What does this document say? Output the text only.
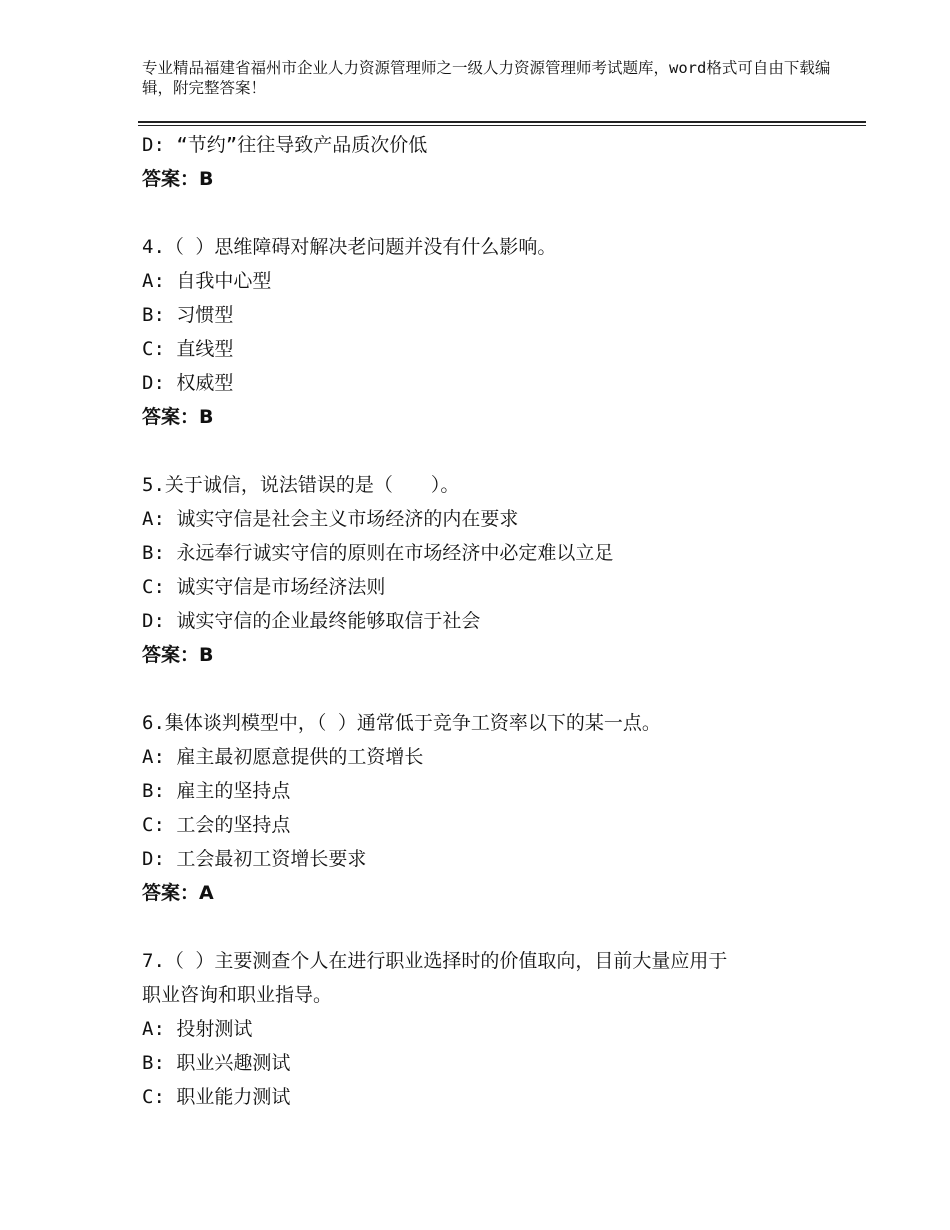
专业精品福建省福州市企业人力资源管理师之一级人力资源管理师考试题库，word格式可自由下载编辑，附完整答案！
D: “节约”往往导致产品质次价低
答案：B
4.（ ）思维障碍对解决老问题并没有什么影响。
A: 自我中心型
B: 习惯型
C: 直线型
D: 权威型
答案：B
5.关于诚信，说法错误的是（　　）。
A: 诚实守信是社会主义市场经济的内在要求
B: 永远奉行诚实守信的原则在市场经济中必定难以立足
C: 诚实守信是市场经济法则
D: 诚实守信的企业最终能够取信于社会
答案：B
6.集体谈判模型中，（ ）通常低于竞争工资率以下的某一点。
A: 雇主最初愿意提供的工资增长
B: 雇主的坚持点
C: 工会的坚持点
D: 工会最初工资增长要求
答案：A
7.（ ）主要测查个人在进行职业选择时的价值取向，目前大量应用于
职业咨询和职业指导。
A: 投射测试
B: 职业兴趣测试
C: 职业能力测试
